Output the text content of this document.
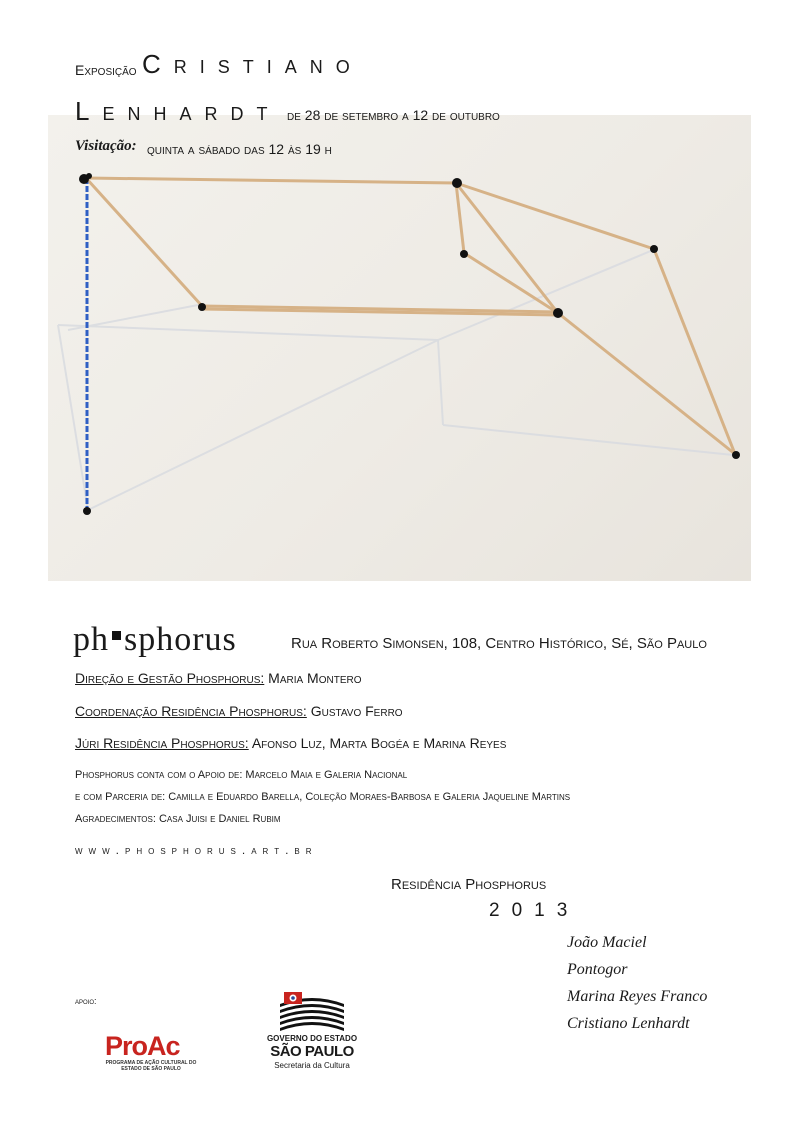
Exposição Cristiano
Lenhardt de 28 de setembro a 12 de outubro
Visitação: quinta a sábado das 12 às 19 h
ph sphorus	Rua Roberto Simonsen, 108, Centro Histórico, Sé, São Paulo
Direção e Gestão Phosphorus: Maria Montero
Coordenação Residência Phosphorus: Gustavo Ferro
Júri Residência Phosphorus: Afonso Luz, Marta Bogéa e Marina Reyes
Phosphorus conta com o Apoio de: Marcelo Maia e Galeria Nacional
e com Parceria de: Camilla e Eduardo Barella, Coleção Moraes-Barbosa e Galeria Jaqueline Martins
Agradecimentos: Casa Juisi e Daniel Rubim
www.phosphorus.art.br
Residência Phosphorus
2013
João Maciel
Pontogor
Marina Reyes Franco
Cristiano Lenhardt
apoio:
ProAc
PROGRAMA DE AÇÃO CULTURAL DO ESTADO DE SÃO PAULO
GOVERNO DO ESTADO
SÃO PAULO
Secretaria da Cultura
